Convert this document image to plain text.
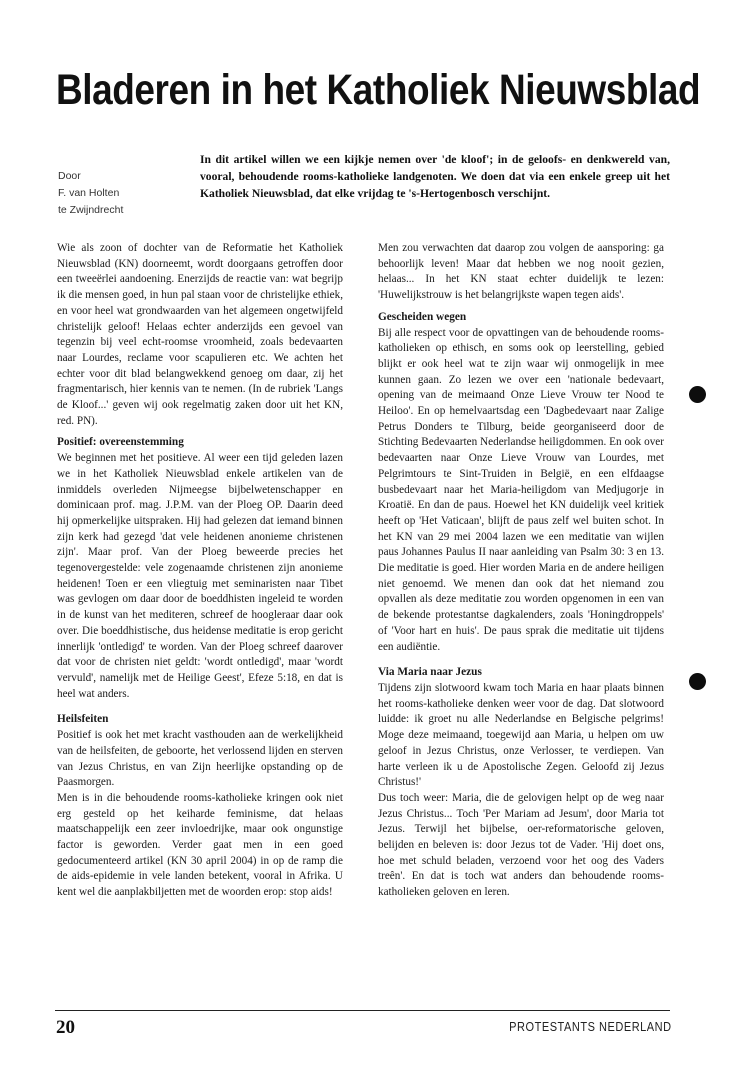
Bladeren in het Katholiek Nieuwsblad
Door
F. van Holten
te Zwijndrecht

In dit artikel willen we een kijkje nemen over 'de kloof'; in de geloofs- en denkwereld van, vooral, behoudende rooms-katholieke landgenoten. We doen dat via een enkele greep uit het Katholiek Nieuwsblad, dat elke vrijdag te 's-Hertogenbosch verschijnt.

Wie als zoon of dochter van de Reformatie het Katholiek Nieuwsblad (KN) doorneemt, wordt doorgaans getroffen door een tweeërlei aandoening. Enerzijds de reactie van: wat begrijp ik die mensen goed, in hun pal staan voor de christelijke ethiek, en voor heel wat grondwaarden van het algemeen ongetwijfeld christelijk geloof! Helaas echter anderzijds een gevoel van tegenzin bij veel echt-roomse vroomheid, zoals bedevaarten naar Lourdes, reclame voor scapulieren etc. We achten het echter voor dit blad belangwekkend genoeg om daar, zij het fragmentarisch, hier kennis van te nemen. (In de rubriek 'Langs de Kloof...' geven wij ook regelmatig zaken door uit het KN, red. PN).

Positief: overeenstemming

We beginnen met het positieve. Al weer een tijd geleden lazen we in het Katholiek Nieuwsblad enkele artikelen van de inmiddels overleden Nijmeegse bijbelwetenschapper en dominicaan prof. mag. J.P.M. van der Ploeg OP. Daarin deed hij opmerkelijke uitspraken. Hij had gelezen dat iemand binnen zijn kerk had gezegd 'dat vele heidenen anonieme christenen zijn'. Maar prof. Van der Ploeg beweerde precies het tegenovergestelde: vele zogenaamde christenen zijn anonieme heidenen! Toen er een vliegtuig met seminaristen naar Tibet was gevlogen om daar door de boeddhisten ingeleid te worden in de kunst van het mediteren, schreef de hoogleraar daar ook over. Die boeddhistische, dus heidense meditatie is erop gericht innerlijk 'ontledigd' te worden. Van der Ploeg schreef daarover dat voor de christen niet geldt: 'wordt ontledigd', maar 'wordt vervuld', namelijk met de Heilige Geest', Efeze 5:18, en dat is heel wat anders.

Heilsfeiten

Positief is ook het met kracht vasthouden aan de werkelijkheid van de heilsfeiten, de geboorte, het verlossend lijden en sterven van Jezus Christus, en van Zijn heerlijke opstanding op de Paasmorgen.

Men is in die behoudende rooms-katholieke kringen ook niet erg gesteld op het keiharde feminisme, dat helaas maatschappelijk een zeer invloedrijke, maar ook ongunstige factor is geworden. Verder gaat men in een goed gedocumenteerd artikel (KN 30 april 2004) in op de ramp die de aids-epidemie in vele landen betekent, vooral in Afrika. U kent wel die aanplakbiljetten met de woorden erop: stop aids!

Men zou verwachten dat daarop zou volgen de aansporing: ga behoorlijk leven! Maar dat hebben we nog nooit gezien, helaas... In het KN staat echter duidelijk te lezen: 'Huwelijkstrouw is het belangrijkste wapen tegen aids'.

Gescheiden wegen

Bij alle respect voor de opvattingen van de behoudende rooms-katholieken op ethisch, en soms ook op leerstelling, gebied blijkt er ook heel wat te zijn waar wij onmogelijk in mee kunnen gaan. Zo lezen we over een 'nationale bedevaart, opening van de meimaand Onze Lieve Vrouw ter Nood te Heiloo'. En op hemelvaartsdag een 'Dagbedevaart naar Zalige Petrus Donders te Tilburg, beide georganiseerd door de Stichting Bedevaarten Nederlandse heiligdommen. En ook over bedevaarten naar Onze Lieve Vrouw van Lourdes, met Pelgrimtours te Sint-Truiden in België, en een elfdaagse busbedevaart naar het Maria-heiligdom van Medjugorje in Kroatië. En dan de paus. Hoewel het KN duidelijk veel kritiek heeft op 'Het Vaticaan', blijft de paus zelf wel buiten schot. In het KN van 29 mei 2004 lazen we een meditatie van wijlen paus Johannes Paulus II naar aanleiding van Psalm 30: 3 en 13. Die meditatie is goed. Hier worden Maria en de andere heiligen niet genoemd. We menen dan ook dat het niemand zou opvallen als deze meditatie zou worden opgenomen in een van de bekende protestantse dagkalenders, zoals 'Honingdroppels' of 'Voor hart en huis'. De paus sprak die meditatie uit tijdens een audiëntie.

Via Maria naar Jezus

Tijdens zijn slotwoord kwam toch Maria en haar plaats binnen het rooms-katholieke denken weer voor de dag. Dat slotwoord luidde: ik groet nu alle Nederlandse en Belgische pelgrims! Moge deze meimaand, toegewijd aan Maria, u helpen om uw geloof in Jezus Christus, onze Verlosser, te verdiepen. Van harte verleen ik u de Apostolische Zegen. Geloofd zij Jezus Christus!'

Dus toch weer: Maria, die de gelovigen helpt op de weg naar Jezus Christus... Toch 'Per Mariam ad Jesum', door Maria tot Jezus. Terwijl het bijbelse, oer-reformatorische geloven, belijden en beleven is: door Jezus tot de Vader. 'Hij doet ons, hoe met schuld beladen, verzoend voor het oog des Vaders treên'. En dat is toch wat anders dan behoudende rooms-katholieken geloven en leren.

20	PROTESTANTS NEDERLAND
